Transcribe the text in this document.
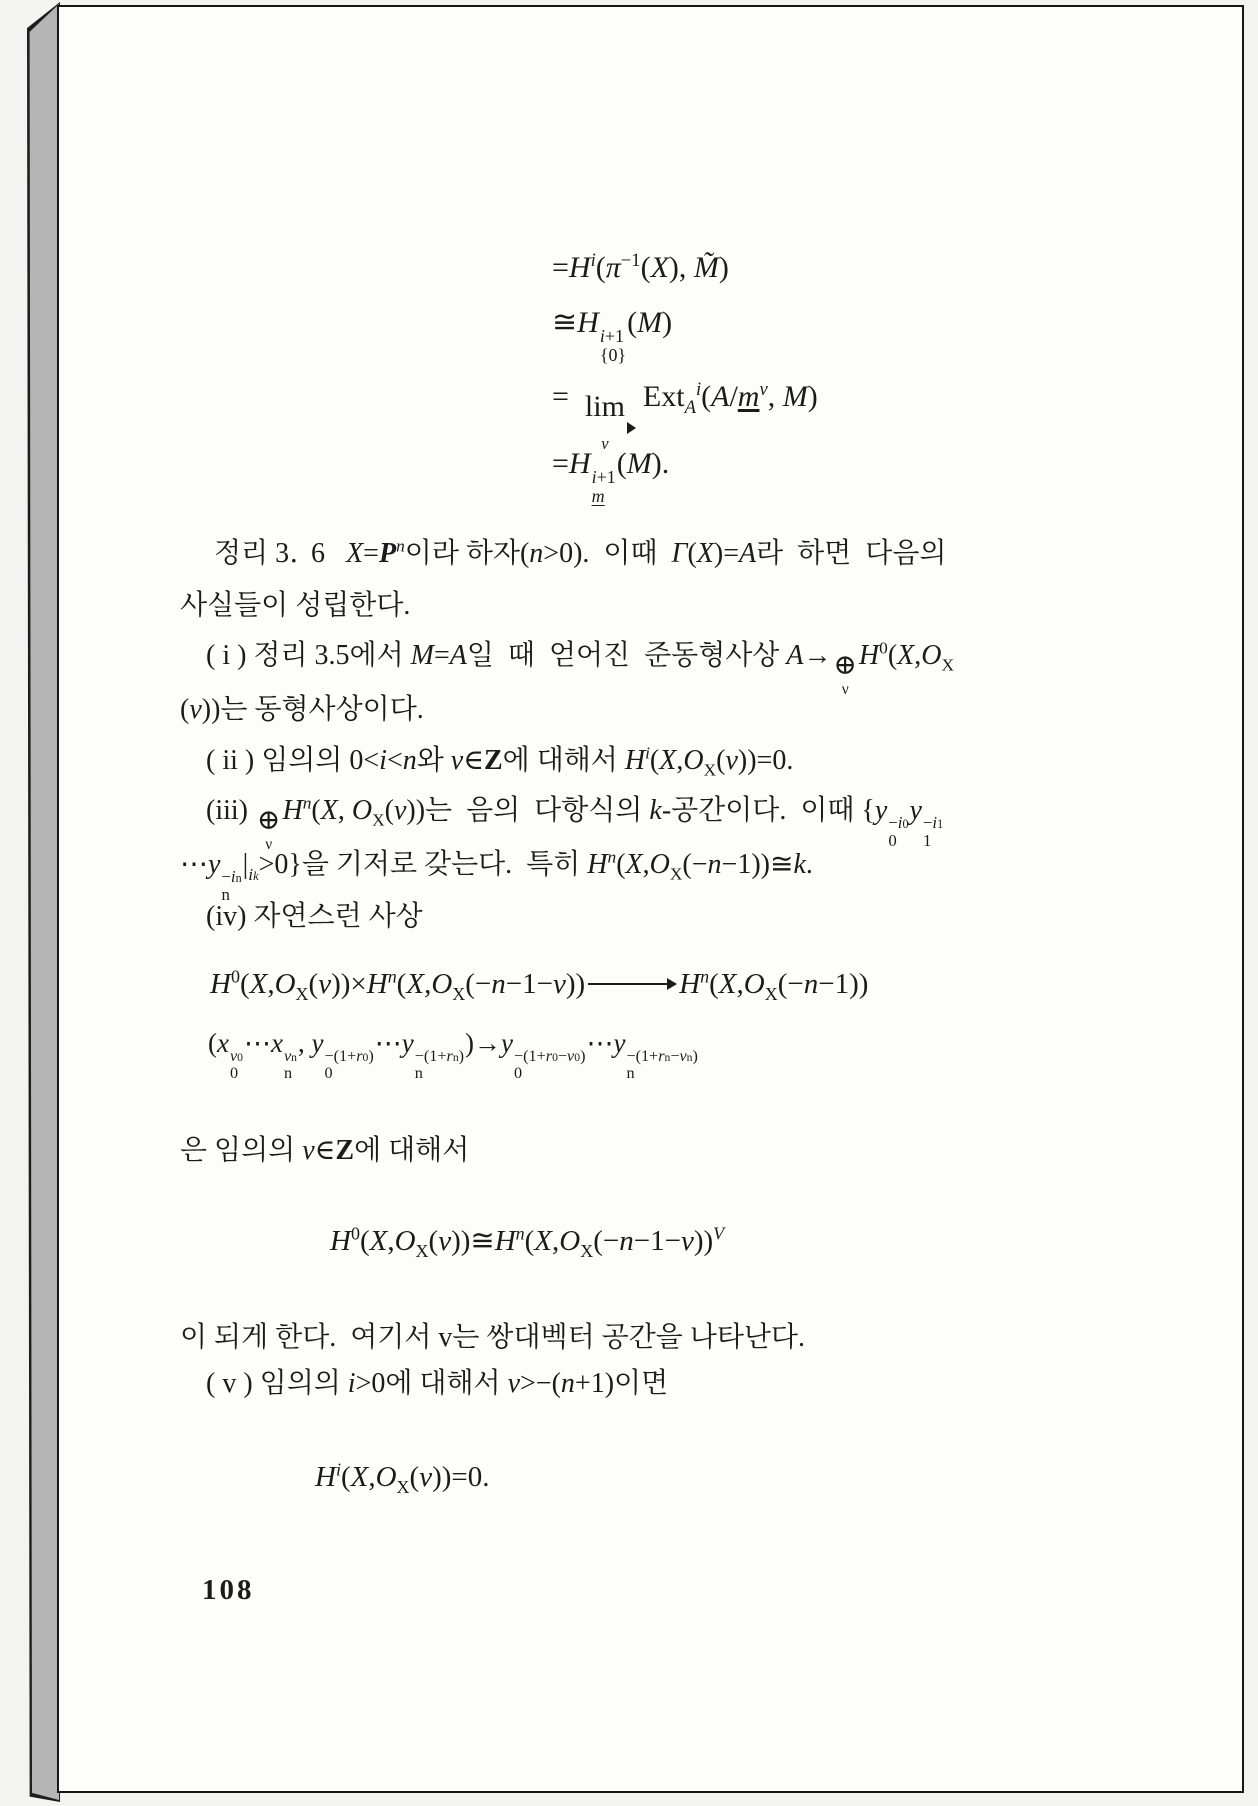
$=H^i(\pi^{-1}(X)$, M̃)
≅H i+1
{0}
(M)
= lim
ν
$Ext_A^i(A/m^\nu$, M)
=H i+1
m
(M).
정리 3․   6  $X=P^n$이라 하자(n>0). 이때 Γ(X)=A라 하면 다음의
사실들이 성립한다.
( i ) 정리 3.5에서 M=A일 때 얻어진 준동형사상 A→ ⊕
ν
$H^0(X,O_X$
(ν))는 동형사상이다.
( ii ) 임의의 0<i<n와 ν∈Z에 대해서 $H^i(X,O_X(\nu))=0$.
(iii) ⊕
ν
$H^n(X$, $O_X(\nu)$)는 음의 다항식의 k-공간이다. 이때 {y −i0
0
y −i1
1
⋯y −in
n
$|_{ik}>0$}을 기저로 갖는다. 특히 $H^n(X,O_X(-n-1))≅k$.
(iv) 자연스런 사상
$H^0(X,O_X(\nu))\times H^n(X,O_X(-n-1-\nu))$	$H^n(X,O_X(-n-1))$
(x ν0
0
⋯x νn
n
, y −(1+r0)
0
⋯y −(1+rn)
n
)→y −(1+r0−ν0)
0
⋯y −(1+rn−νn)
n
은 임의의 ν∈Z에 대해서
$H^0(X,O_X(\nu))≅H^n(X,O_X(-n-1-\nu))^V$
이 되게 한다. 여기서 v는 쌍대벡터 공간을 나타난다.
( v ) 임의의 i>0에 대해서 ν>−(n+1)이면
$H^i(X,O_X(\nu))=0$.
108
